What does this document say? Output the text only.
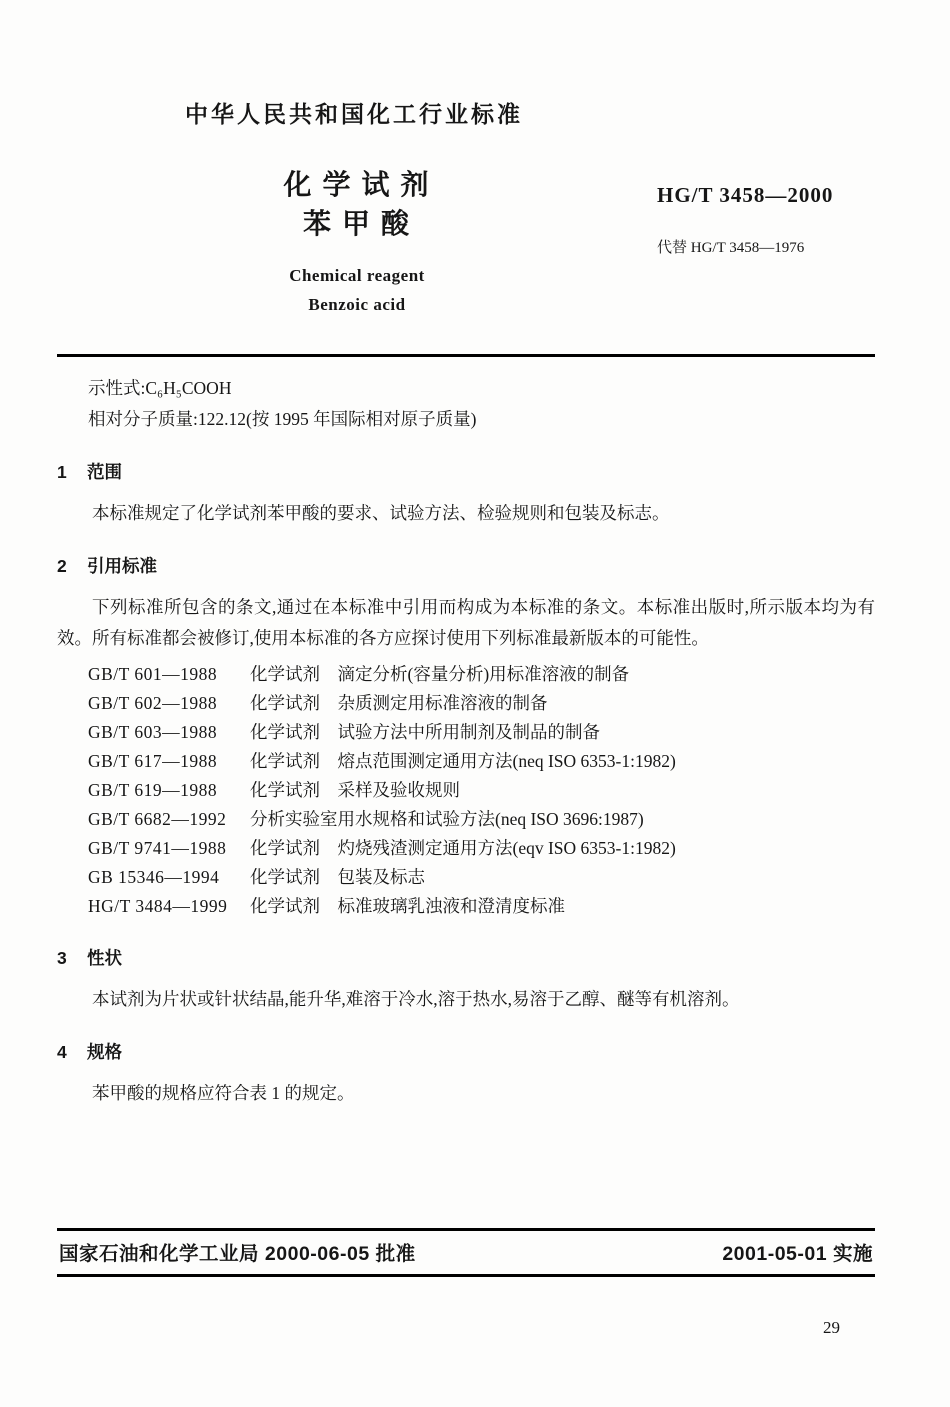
中华人民共和国化工行业标准
化 学 试 剂
苯 甲 酸
Chemical reagent
Benzoic acid
HG/T 3458—2000
代替 HG/T 3458—1976
示性式:C₆H₅COOH
相对分子质量:122.12(按 1995 年国际相对原子质量)
1 范围
本标准规定了化学试剂苯甲酸的要求、试验方法、检验规则和包装及标志。
2 引用标准
下列标准所包含的条文,通过在本标准中引用而构成为本标准的条文。本标准出版时,所示版本均为有效。所有标准都会被修订,使用本标准的各方应探讨使用下列标准最新版本的可能性。
GB/T 601—1988	化学试剂　滴定分析(容量分析)用标准溶液的制备
GB/T 602—1988	化学试剂　杂质测定用标准溶液的制备
GB/T 603—1988	化学试剂　试验方法中所用制剂及制品的制备
GB/T 617—1988	化学试剂　熔点范围测定通用方法(neq ISO 6353-1:1982)
GB/T 619—1988	化学试剂　采样及验收规则
GB/T 6682—1992	分析实验室用水规格和试验方法(neq ISO 3696:1987)
GB/T 9741—1988	化学试剂　灼烧残渣测定通用方法(eqv ISO 6353-1:1982)
GB 15346—1994	化学试剂　包装及标志
HG/T 3484—1999	化学试剂　标准玻璃乳浊液和澄清度标准
3 性状
本试剂为片状或针状结晶,能升华,难溶于冷水,溶于热水,易溶于乙醇、醚等有机溶剂。
4 规格
苯甲酸的规格应符合表 1 的规定。
国家石油和化学工业局 2000-06-05 批准	2001-05-01 实施
29
